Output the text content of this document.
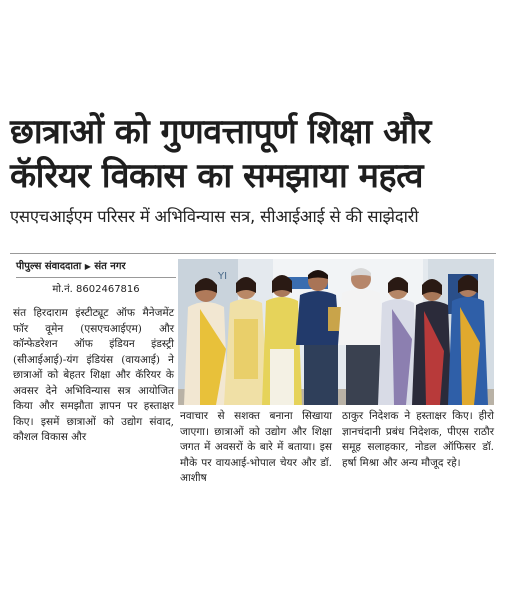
छात्राओं को गुणवत्तापूर्ण शिक्षा और
कॅरियर विकास का समझाया महत्व
एसएचआईएम परिसर में अभिविन्यास सत्र, सीआईआई से की साझेदारी
पीपुल्स संवाददाता ▶ संत नगर
मो.नं. 8602467816

संत हिरदाराम इंस्टीट्यूट ऑफ मैनेजमेंट फॉर वूमेन (एसएचआईएम) और कॉन्फेडरेशन ऑफ इंडियन इंडस्ट्री (सीआईआई)-यंग इंडियंस (वायआई) ने छात्राओं को बेहतर शिक्षा और कॅरियर के अवसर देने अभिविन्यास सत्र आयोजित किया और समझौता ज्ञापन पर हस्ताक्षर किए। इसमें छात्राओं को उद्योग संवाद, कौशल विकास और

YI

नवाचार से सशक्त बनाना सिखाया जाएगा। छात्राओं को उद्योग और शिक्षा जगत में अवसरों के बारे में बताया। इस मौके पर वायआई-भोपाल चेयर और डॉ. आशीष

ठाकुर निदेशक ने हस्ताक्षर किए। हीरो ज्ञानचंदानी प्रबंध निदेशक, पीएस राठौर समूह सलाहकार, नोडल ऑफिसर डॉ. हर्षा मिश्रा और अन्य मौजूद रहे।
